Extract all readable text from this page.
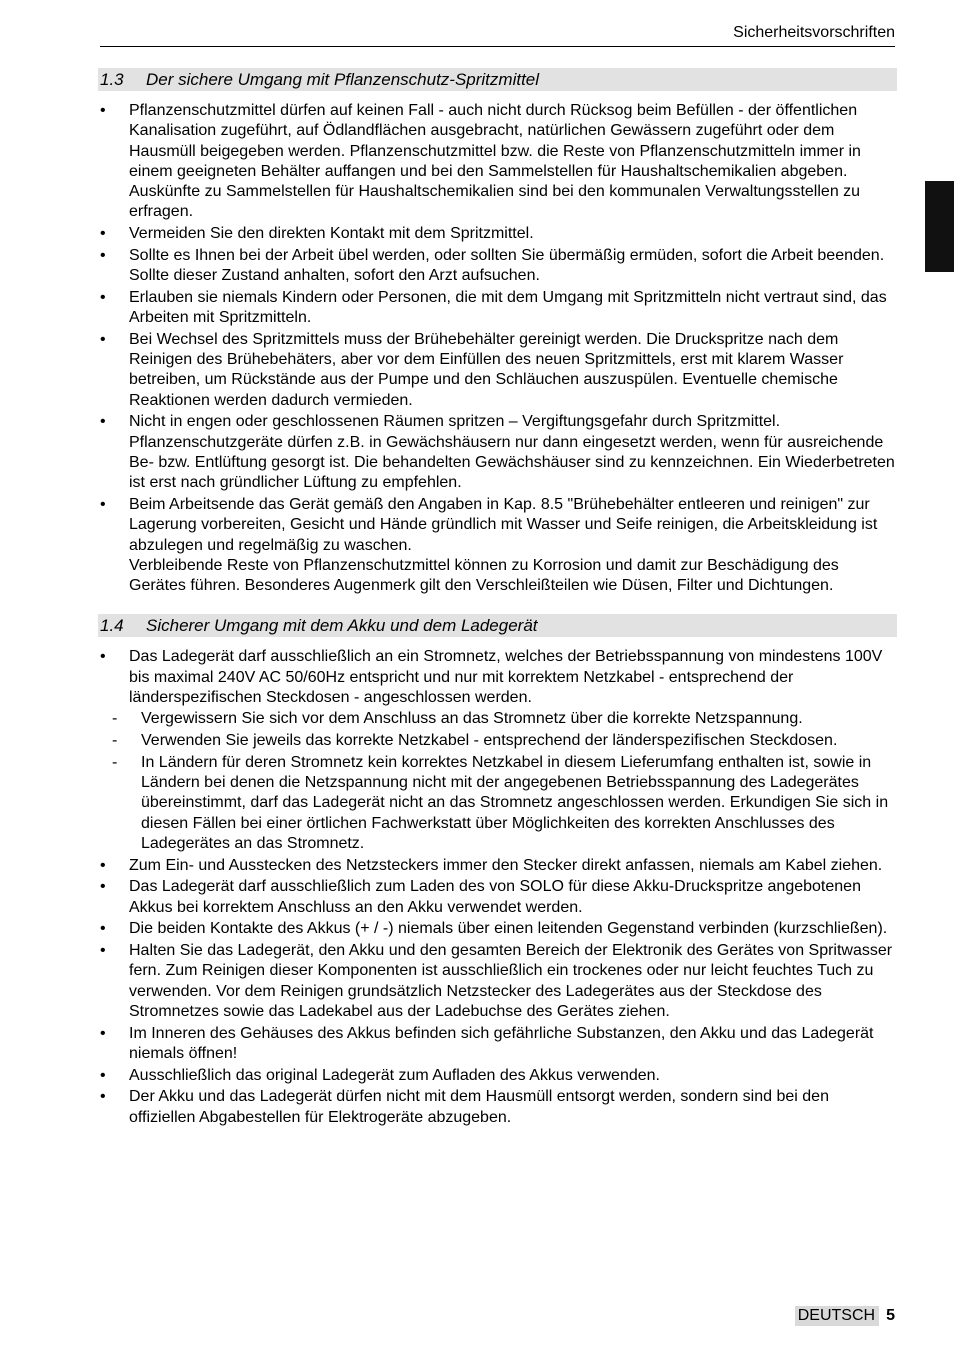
Sicherheitsvorschriften
1.3	Der sichere Umgang mit Pflanzenschutz-Spritzmittel
• Pflanzenschutzmittel dürfen auf keinen Fall - auch nicht durch Rücksog beim Befüllen - der öffentlichen Kanalisation zugeführt, auf Ödlandflächen ausgebracht, natürlichen Gewässern zugeführt oder dem Hausmüll beigegeben werden. Pflanzenschutzmittel bzw. die Reste von Pflanzenschutzmitteln immer in einem geeigneten Behälter auffangen und bei den Sammelstellen für Haushaltschemikalien abgeben. Auskünfte zu Sammelstellen für Haushaltschemikalien sind bei den kommunalen Verwaltungsstellen zu erfragen.
• Vermeiden Sie den direkten Kontakt mit dem Spritzmittel.
• Sollte es Ihnen bei der Arbeit übel werden, oder sollten Sie übermäßig ermüden, sofort die Arbeit beenden. Sollte dieser Zustand anhalten, sofort den Arzt aufsuchen.
• Erlauben sie niemals Kindern oder Personen, die mit dem Umgang mit Spritzmitteln nicht vertraut sind, das Arbeiten mit Spritzmitteln.
• Bei Wechsel des Spritzmittels muss der Brühebehälter gereinigt werden. Die Druckspritze nach dem Reinigen des Brühebehäters, aber vor dem Einfüllen des neuen Spritzmittels, erst mit klarem Wasser betreiben, um Rückstände aus der Pumpe und den Schläuchen auszuspülen. Eventuelle chemische Reaktionen werden dadurch vermieden.
• Nicht in engen oder geschlossenen Räumen spritzen – Vergiftungsgefahr durch Spritzmittel. Pflanzenschutzgeräte dürfen z.B. in Gewächshäusern nur dann eingesetzt werden, wenn für ausreichende Be- bzw. Entlüftung gesorgt ist. Die behandelten Gewächshäuser sind zu kennzeichnen. Ein Wiederbetreten ist erst nach gründlicher Lüftung zu empfehlen.
• Beim Arbeitsende das Gerät gemäß den Angaben in Kap. 8.5 "Brühebehälter entleeren und reinigen" zur Lagerung vorbereiten, Gesicht und Hände gründlich mit Wasser und Seife reinigen, die Arbeitskleidung ist abzulegen und regelmäßig zu waschen.
Verbleibende Reste von Pflanzenschutzmittel können zu Korrosion und damit zur Beschädigung des Gerätes führen. Besonderes Augenmerk gilt den Verschleißteilen wie Düsen, Filter und Dichtungen.
1.4	Sicherer Umgang mit dem Akku und dem Ladegerät
• Das Ladegerät darf ausschließlich an ein Stromnetz, welches der Betriebsspannung von mindestens 100V bis maximal 240V AC 50/60Hz entspricht und nur mit korrektem Netzkabel - entsprechend der länderspezifischen Steckdosen - angeschlossen werden.
- Vergewissern Sie sich vor dem Anschluss an das Stromnetz über die korrekte Netzspannung.
- Verwenden Sie jeweils das korrekte Netzkabel - entsprechend der länderspezifischen Steckdosen.
- In Ländern für deren Stromnetz kein korrektes Netzkabel in diesem Lieferumfang enthalten ist, sowie in Ländern bei denen die Netzspannung nicht mit der angegebenen Betriebsspannung des Ladegerätes übereinstimmt, darf das Ladegerät nicht an das Stromnetz angeschlossen werden. Erkundigen Sie sich in diesen Fällen bei einer örtlichen Fachwerkstatt über Möglichkeiten des korrekten Anschlusses des Ladegerätes an das Stromnetz.
• Zum Ein- und Ausstecken des Netzsteckers immer den Stecker direkt anfassen, niemals am Kabel ziehen.
• Das Ladegerät darf ausschließlich zum Laden des von SOLO für diese Akku-Druckspritze angebotenen Akkus bei korrektem Anschluss an den Akku verwendet werden.
• Die beiden Kontakte des Akkus (+ / -) niemals über einen leitenden Gegenstand verbinden (kurzschließen).
• Halten Sie das Ladegerät, den Akku und den gesamten Bereich der Elektronik des Gerätes von Spritwasser fern. Zum Reinigen dieser Komponenten ist ausschließlich ein trockenes oder nur leicht feuchtes Tuch zu verwenden. Vor dem Reinigen grundsätzlich Netzstecker des Ladegerätes aus der Steckdose des Stromnetzes sowie das Ladekabel aus der Ladebuchse des Gerätes ziehen.
• Im Inneren des Gehäuses des Akkus befinden sich gefährliche Substanzen, den Akku und das Ladegerät niemals öffnen!
• Ausschließlich das original Ladegerät zum Aufladen des Akkus verwenden.
• Der Akku und das Ladegerät dürfen nicht mit dem Hausmüll entsorgt werden, sondern sind bei den offiziellen Abgabestellen für Elektrogeräte abzugeben.
DEUTSCH 5
